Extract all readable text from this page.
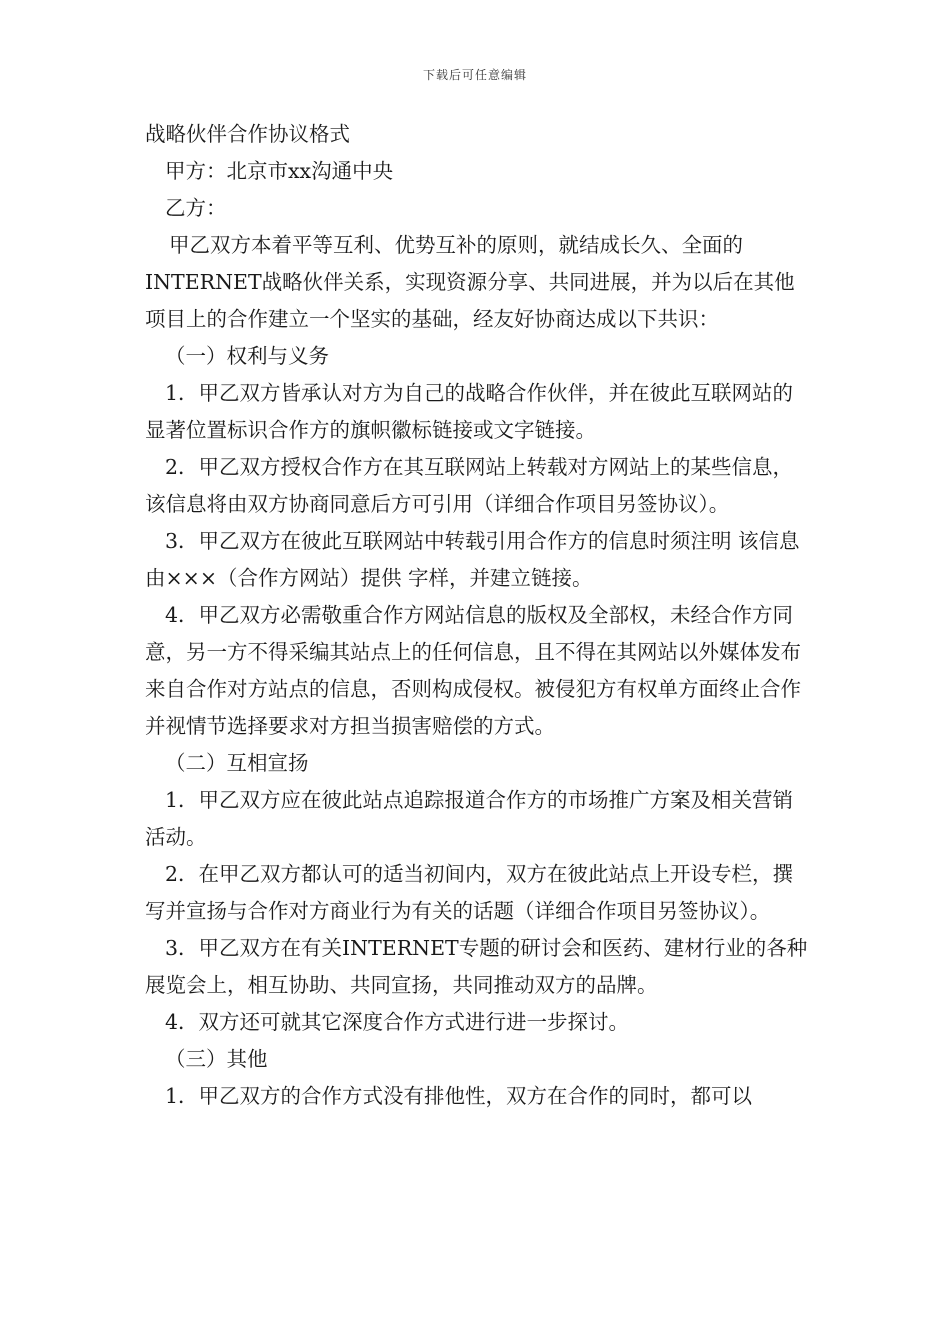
下载后可任意编辑

战略伙伴合作协议格式

甲方：北京市xx沟通中央

乙方：

甲乙双方本着平等互利、优势互补的原则，就结成长久、全面的INTERNET战略伙伴关系，实现资源分享、共同进展，并为以后在其他项目上的合作建立一个坚实的基础，经友好协商达成以下共识：

（一）权利与义务

1．甲乙双方皆承认对方为自己的战略合作伙伴，并在彼此互联网站的显著位置标识合作方的旗帜徽标链接或文字链接。

2．甲乙双方授权合作方在其互联网站上转载对方网站上的某些信息，该信息将由双方协商同意后方可引用（详细合作项目另签协议）。

3．甲乙双方在彼此互联网站中转载引用合作方的信息时须注明 该信息由×××（合作方网站）提供 字样，并建立链接。

4．甲乙双方必需敬重合作方网站信息的版权及全部权，未经合作方同意，另一方不得采编其站点上的任何信息，且不得在其网站以外媒体发布来自合作对方站点的信息，否则构成侵权。被侵犯方有权单方面终止合作并视情节选择要求对方担当损害赔偿的方式。

（二）互相宣扬

1．甲乙双方应在彼此站点追踪报道合作方的市场推广方案及相关营销活动。

2．在甲乙双方都认可的适当初间内，双方在彼此站点上开设专栏，撰写并宣扬与合作对方商业行为有关的话题（详细合作项目另签协议）。

3．甲乙双方在有关INTERNET专题的研讨会和医药、建材行业的各种展览会上，相互协助、共同宣扬，共同推动双方的品牌。

4．双方还可就其它深度合作方式进行进一步探讨。

（三）其他

1．甲乙双方的合作方式没有排他性，双方在合作的同时，都可以
